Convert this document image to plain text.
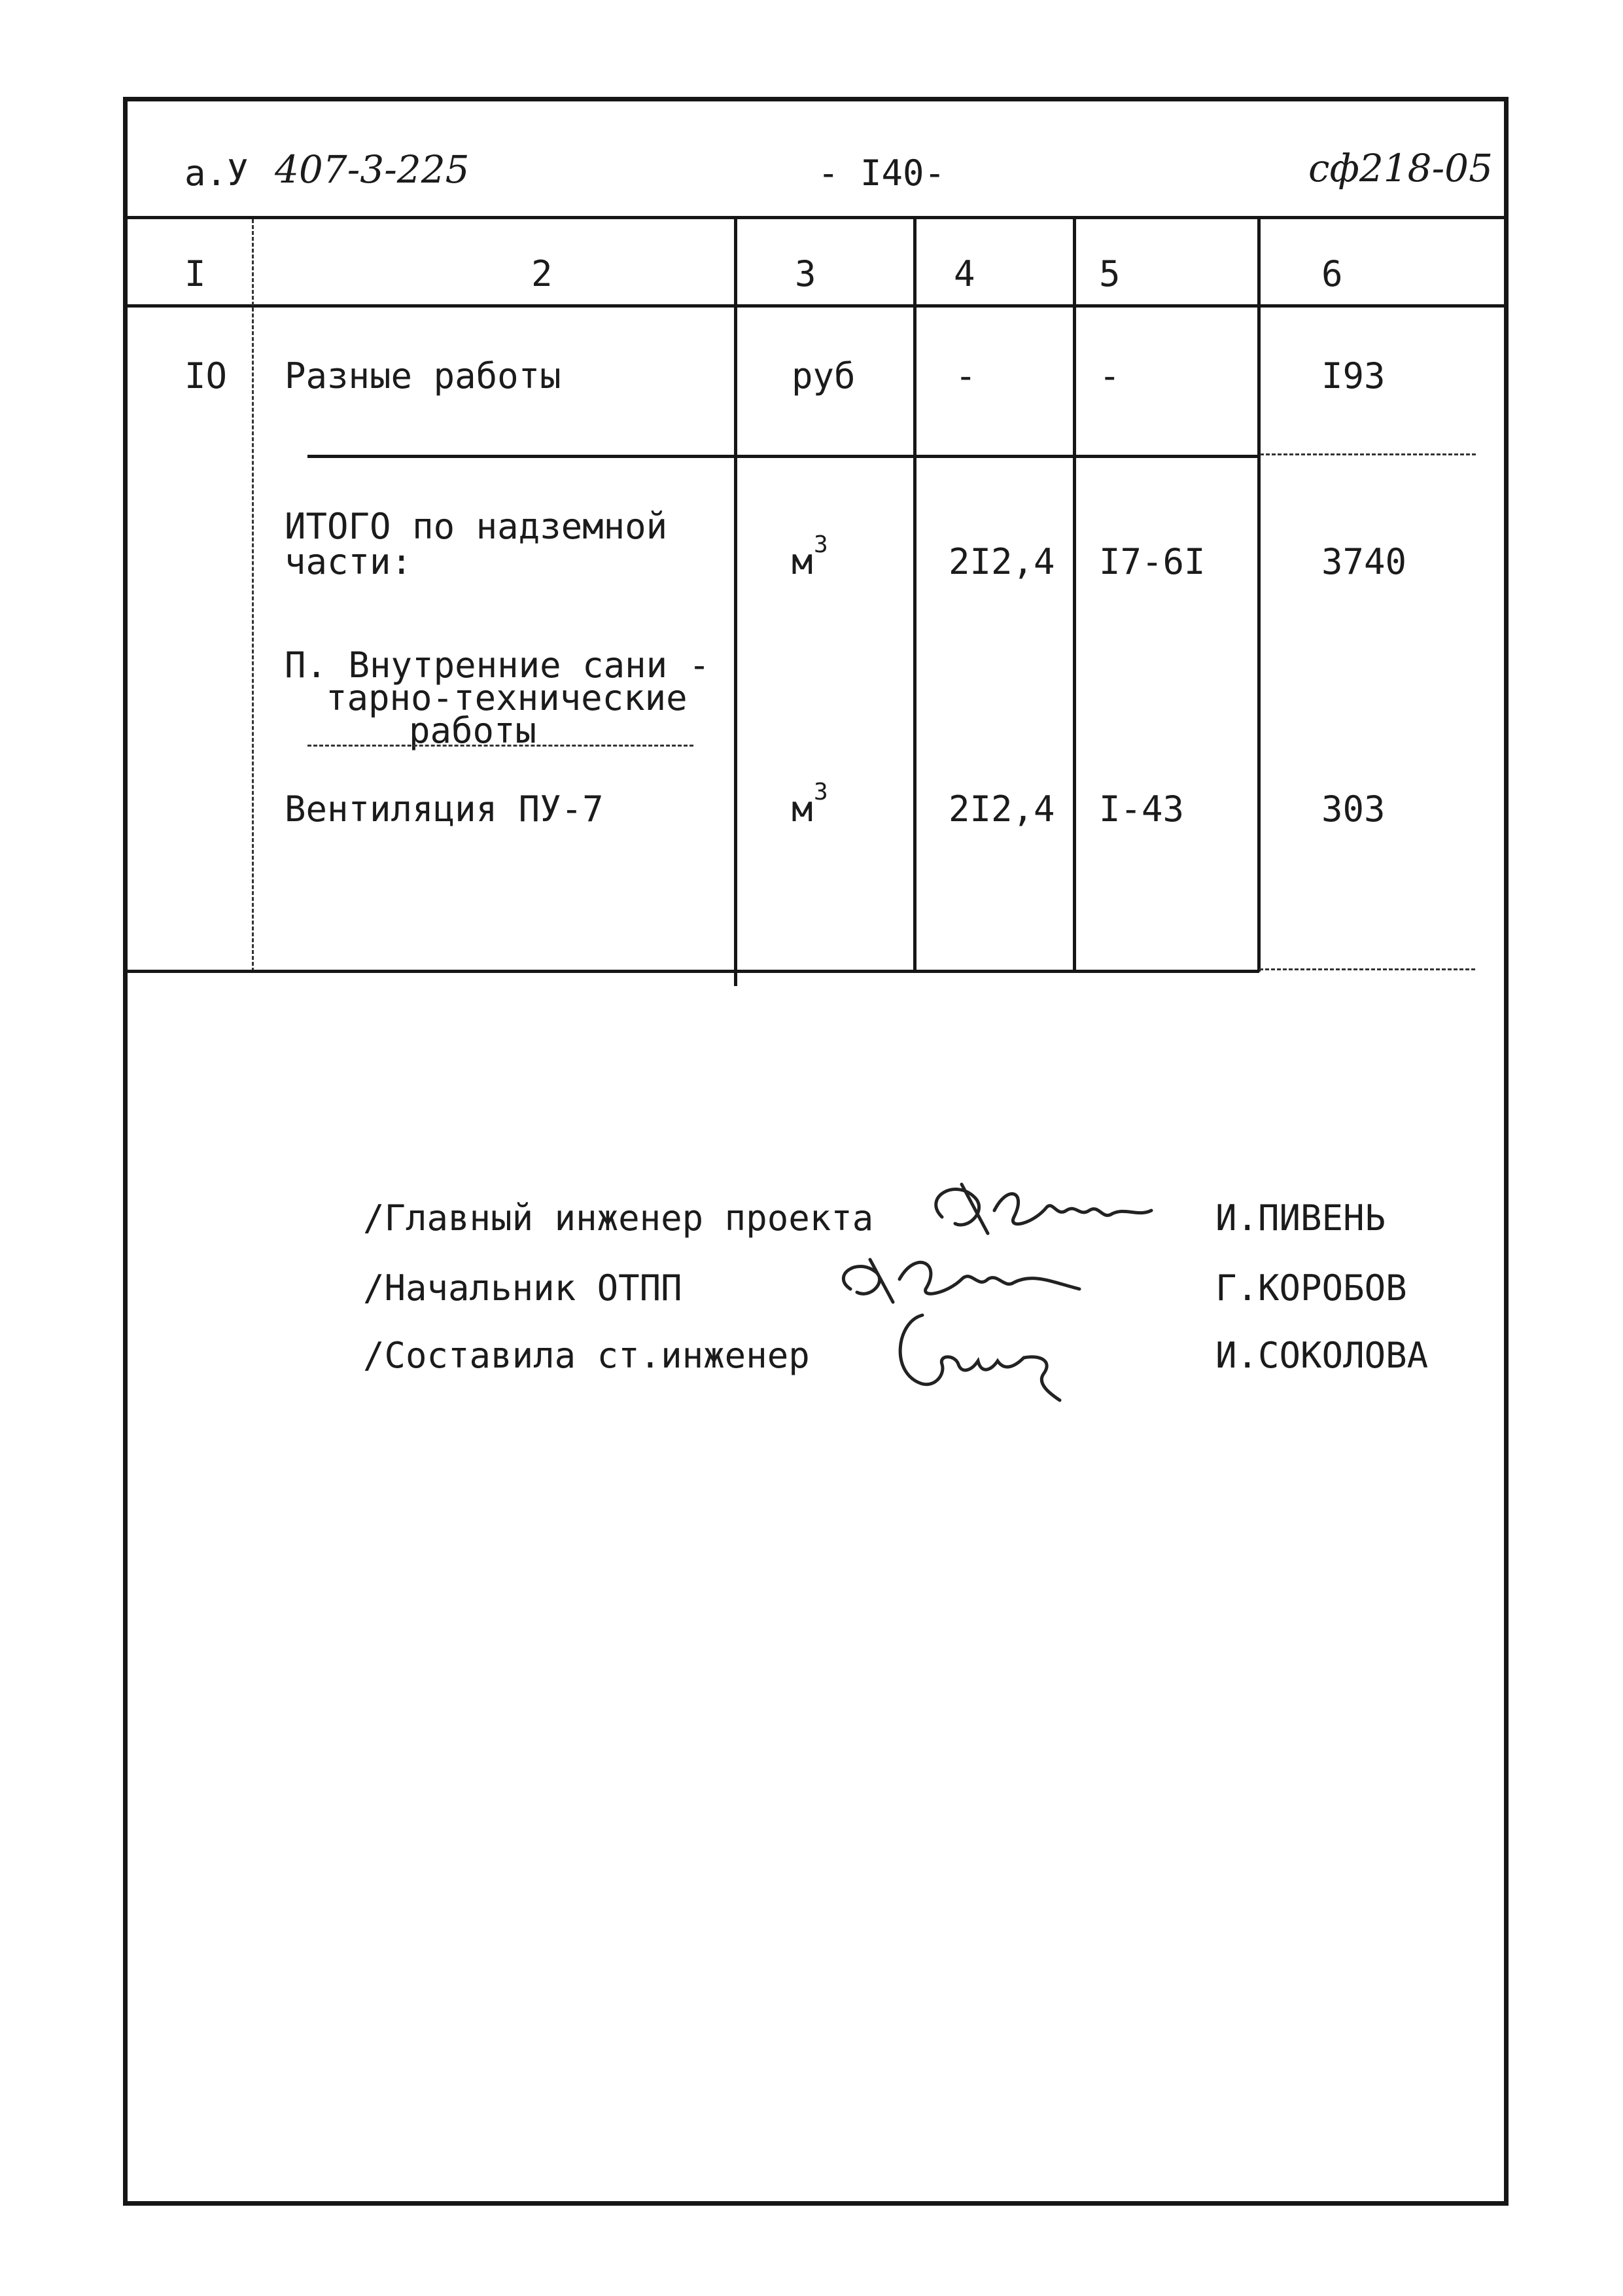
а.У 407-3-225	- I40-	сф218-05
I	2	3	4	5	6
IO Разные работы	руб	-	-	I93
ИТОГО по надземной
части:	м 3	2I2,4 I7-6I	3740
П. Внутренние сани -
тарно-технические
работы
Вентиляция ПУ-7	м 3	2I2,4 I-43	303
/Главный инженер проекта	И.ПИВЕНЬ
/Начальник ОТПП	Г.КОРОБОВ
/Составила ст.инженер	И.СОКОЛОВА
